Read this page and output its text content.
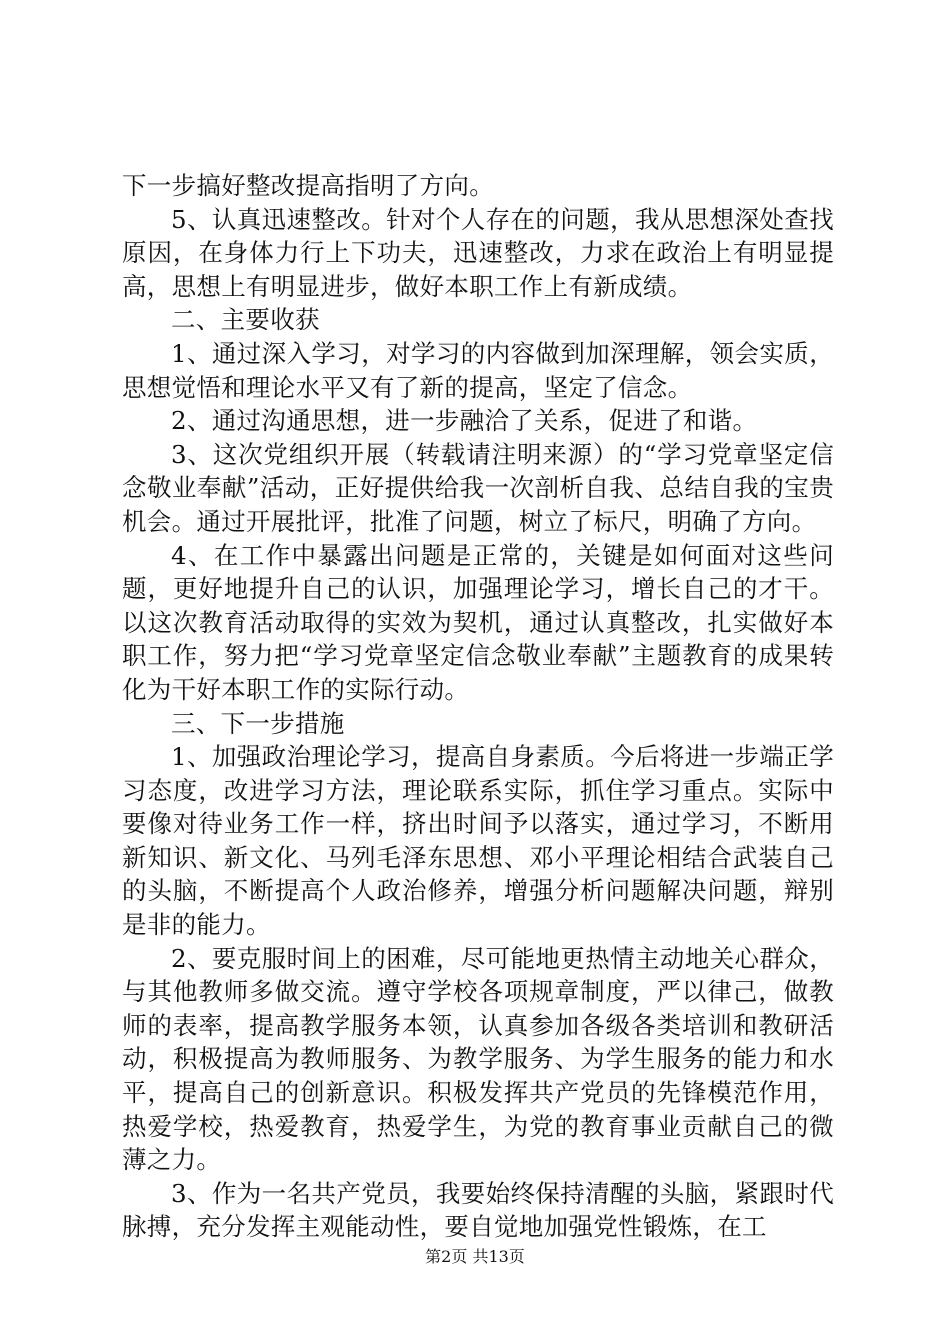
下一步搞好整改提高指明了方向。

5、认真迅速整改。针对个人存在的问题，我从思想深处查找原因，在身体力行上下功夫，迅速整改，力求在政治上有明显提高，思想上有明显进步，做好本职工作上有新成绩。

二、主要收获

1、通过深入学习，对学习的内容做到加深理解，领会实质，思想觉悟和理论水平又有了新的提高，坚定了信念。

2、通过沟通思想，进一步融洽了关系，促进了和谐。

3、这次党组织开展（转载请注明来源）的“学习党章坚定信念敬业奉献”活动，正好提供给我一次剖析自我、总结自我的宝贵机会。通过开展批评，批准了问题，树立了标尺，明确了方向。

4、在工作中暴露出问题是正常的，关键是如何面对这些问题，更好地提升自己的认识，加强理论学习，增长自己的才干。以这次教育活动取得的实效为契机，通过认真整改，扎实做好本职工作，努力把“学习党章坚定信念敬业奉献”主题教育的成果转化为干好本职工作的实际行动。

三、下一步措施

1、加强政治理论学习，提高自身素质。今后将进一步端正学习态度，改进学习方法，理论联系实际，抓住学习重点。实际中要像对待业务工作一样，挤出时间予以落实，通过学习，不断用新知识、新文化、马列毛泽东思想、邓小平理论相结合武装自己的头脑，不断提高个人政治修养，增强分析问题解决问题，辩别是非的能力。

2、要克服时间上的困难，尽可能地更热情主动地关心群众，与其他教师多做交流。遵守学校各项规章制度，严以律己，做教师的表率，提高教学服务本领，认真参加各级各类培训和教研活动，积极提高为教师服务、为教学服务、为学生服务的能力和水平，提高自己的创新意识。积极发挥共产党员的先锋模范作用，热爱学校，热爱教育，热爱学生，为党的教育事业贡献自己的微薄之力。

3、作为一名共产党员，我要始终保持清醒的头脑，紧跟时代脉搏，充分发挥主观能动性，要自觉地加强党性锻炼，在工

第2页 共13页
